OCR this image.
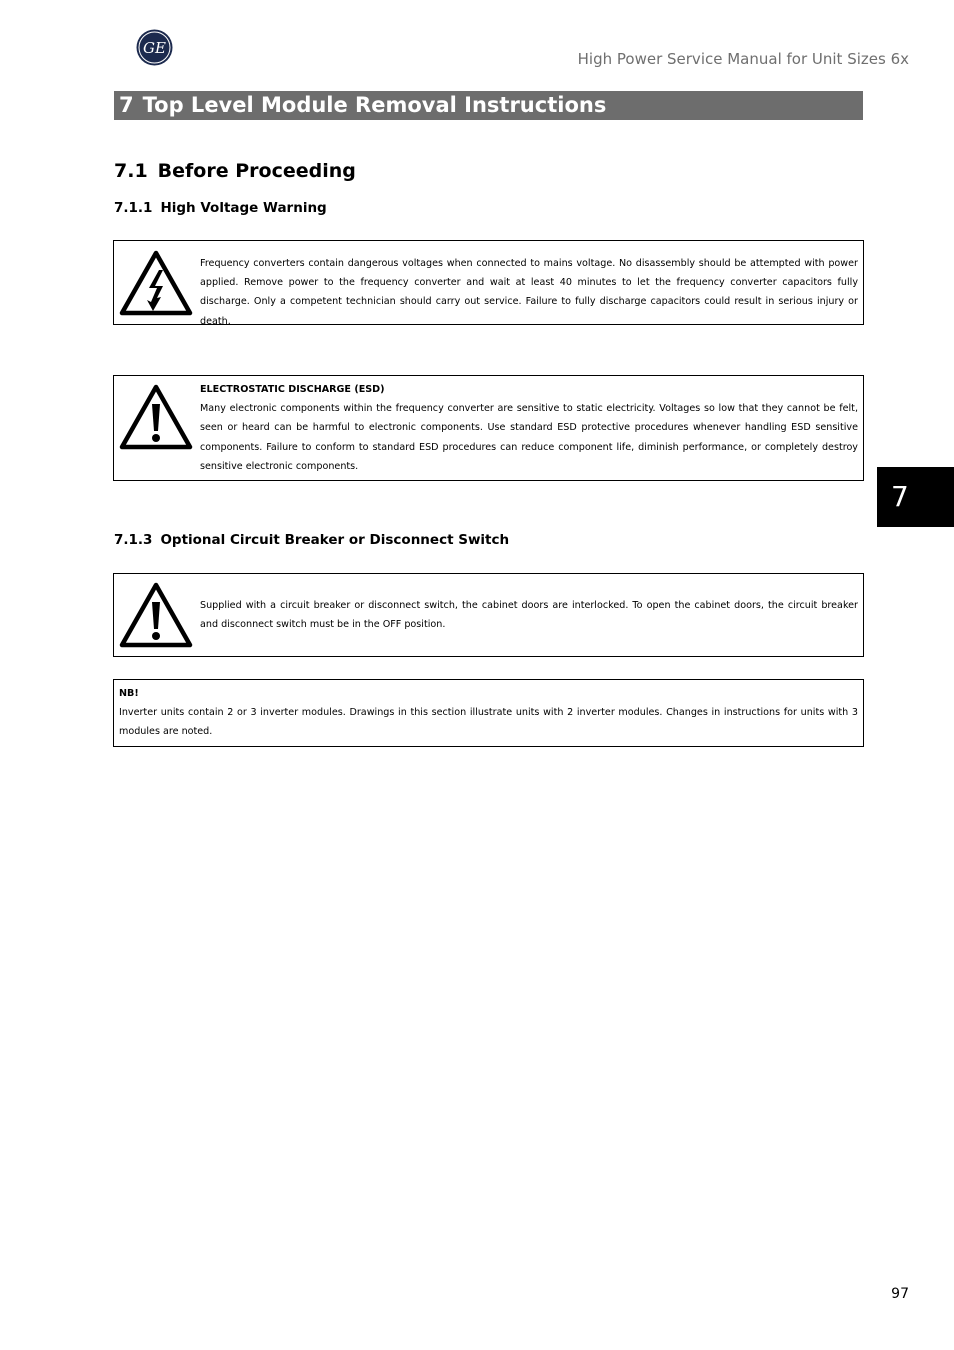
GE
High Power Service Manual for Unit Sizes 6x
7 Top Level Module Removal Instructions
7.1 Before Proceeding
7.1.1 High Voltage Warning
Frequency converters contain dangerous voltages when connected to mains voltage. No disassembly should be attempted with power applied. Remove power to the frequency converter and wait at least 40 minutes to let the frequency converter capacitors fully discharge. Only a competent technician should carry out service. Failure to fully discharge capacitors could result in serious injury or death.
ELECTROSTATIC DISCHARGE (ESD)
Many electronic components within the frequency converter are sensitive to static electricity. Voltages so low that they cannot be felt, seen or heard can be harmful to electronic components. Use standard ESD protective procedures whenever handling ESD sensitive components. Failure to conform to standard ESD procedures can reduce component life, diminish performance, or completely destroy sensitive electronic components.
7.1.3 Optional Circuit Breaker or Disconnect Switch
Supplied with a circuit breaker or disconnect switch, the cabinet doors are interlocked. To open the cabinet doors, the circuit breaker and disconnect switch must be in the OFF position.
NB!
Inverter units contain 2 or 3 inverter modules. Drawings in this section illustrate units with 2 inverter modules. Changes in instructions for units with 3 modules are noted.
7
97
